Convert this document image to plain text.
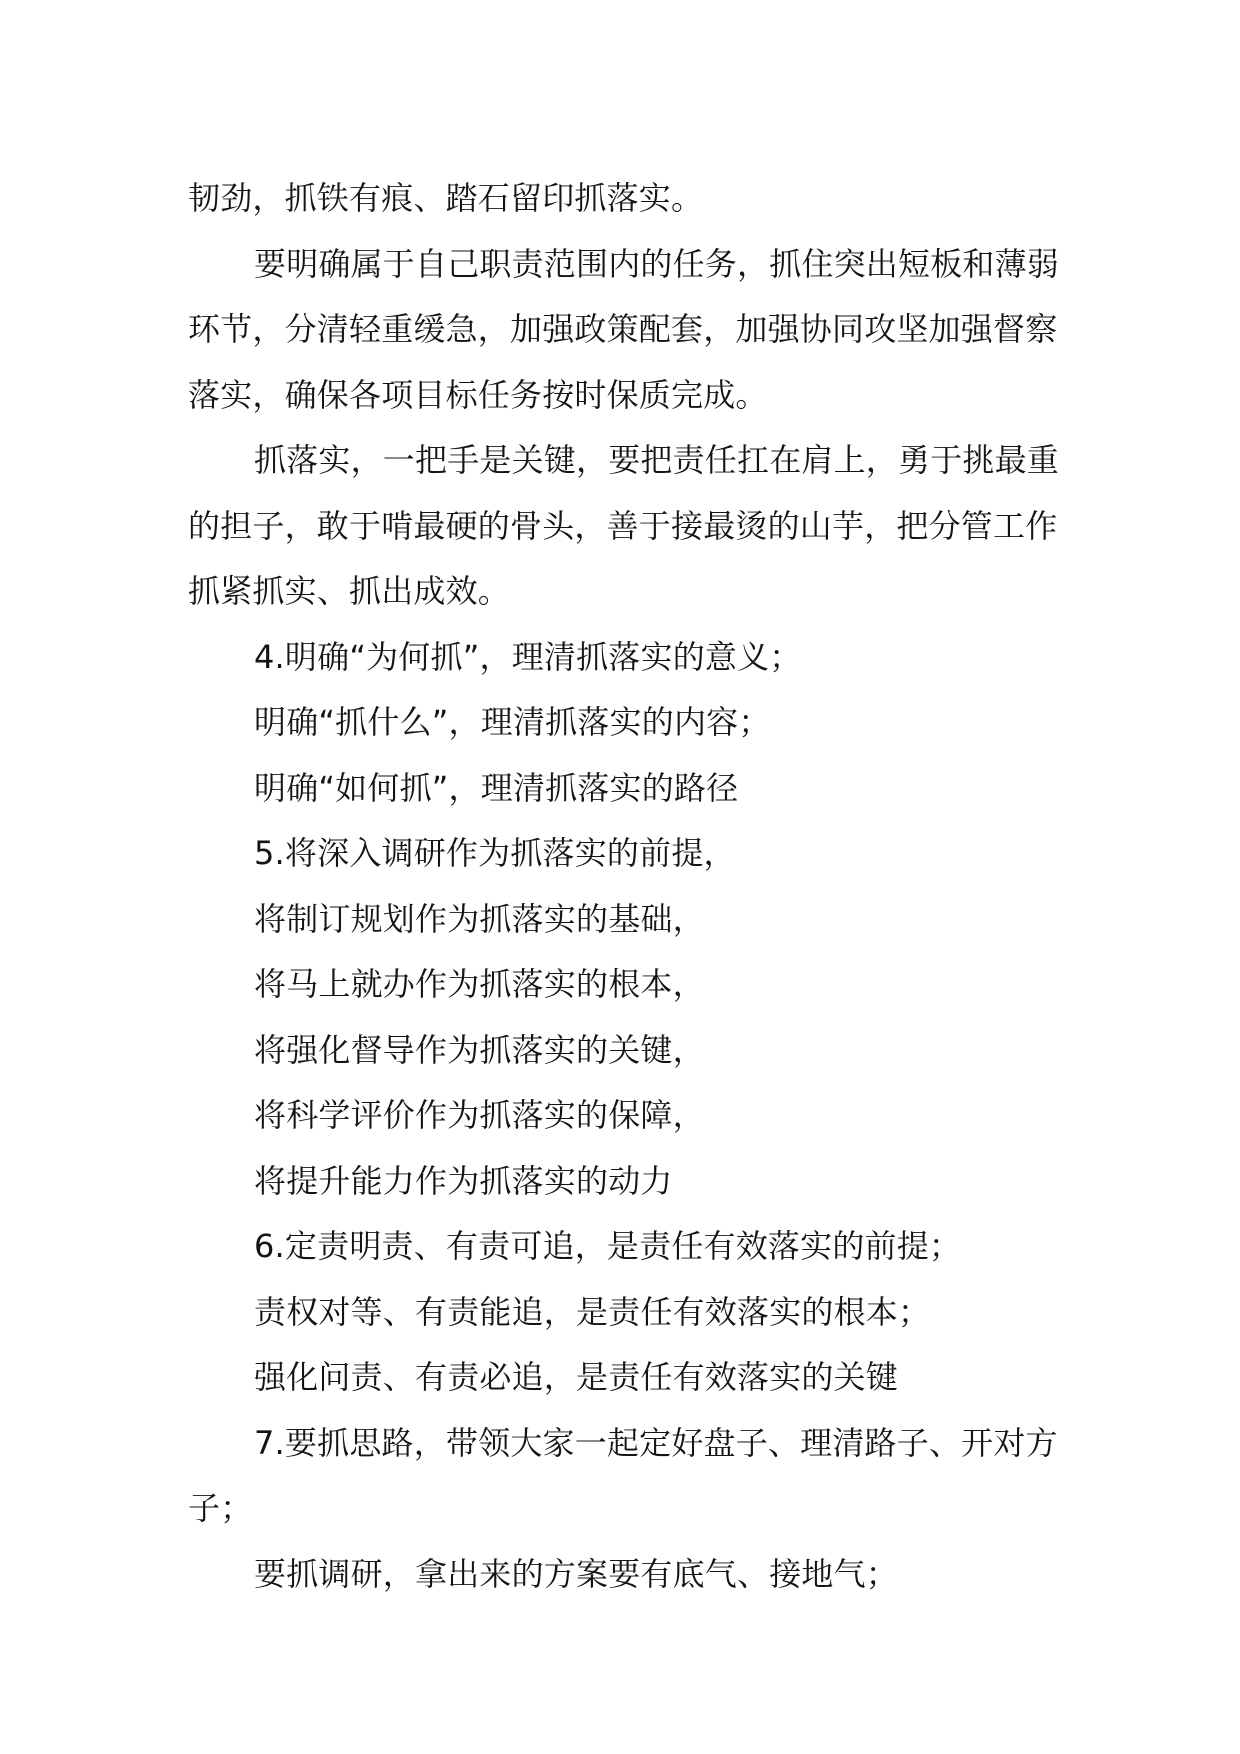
韧劲，抓铁有痕、踏石留印抓落实。

要明确属于自己职责范围内的任务，抓住突出短板和薄弱环节，分清轻重缓急，加强政策配套，加强协同攻坚加强督察落实，确保各项目标任务按时保质完成。

抓落实，一把手是关键，要把责任扛在肩上，勇于挑最重的担子，敢于啃最硬的骨头，善于接最烫的山芋，把分管工作抓紧抓实、抓出成效。

4.明确“为何抓”，理清抓落实的意义；

明确“抓什么”，理清抓落实的内容；

明确“如何抓”，理清抓落实的路径

5.将深入调研作为抓落实的前提，

将制订规划作为抓落实的基础，

将马上就办作为抓落实的根本，

将强化督导作为抓落实的关键，

将科学评价作为抓落实的保障，

将提升能力作为抓落实的动力

6.定责明责、有责可追，是责任有效落实的前提；

责权对等、有责能追，是责任有效落实的根本；

强化问责、有责必追，是责任有效落实的关键

7.要抓思路，带领大家一起定好盘子、理清路子、开对方子；

要抓调研，拿出来的方案要有底气、接地气；
